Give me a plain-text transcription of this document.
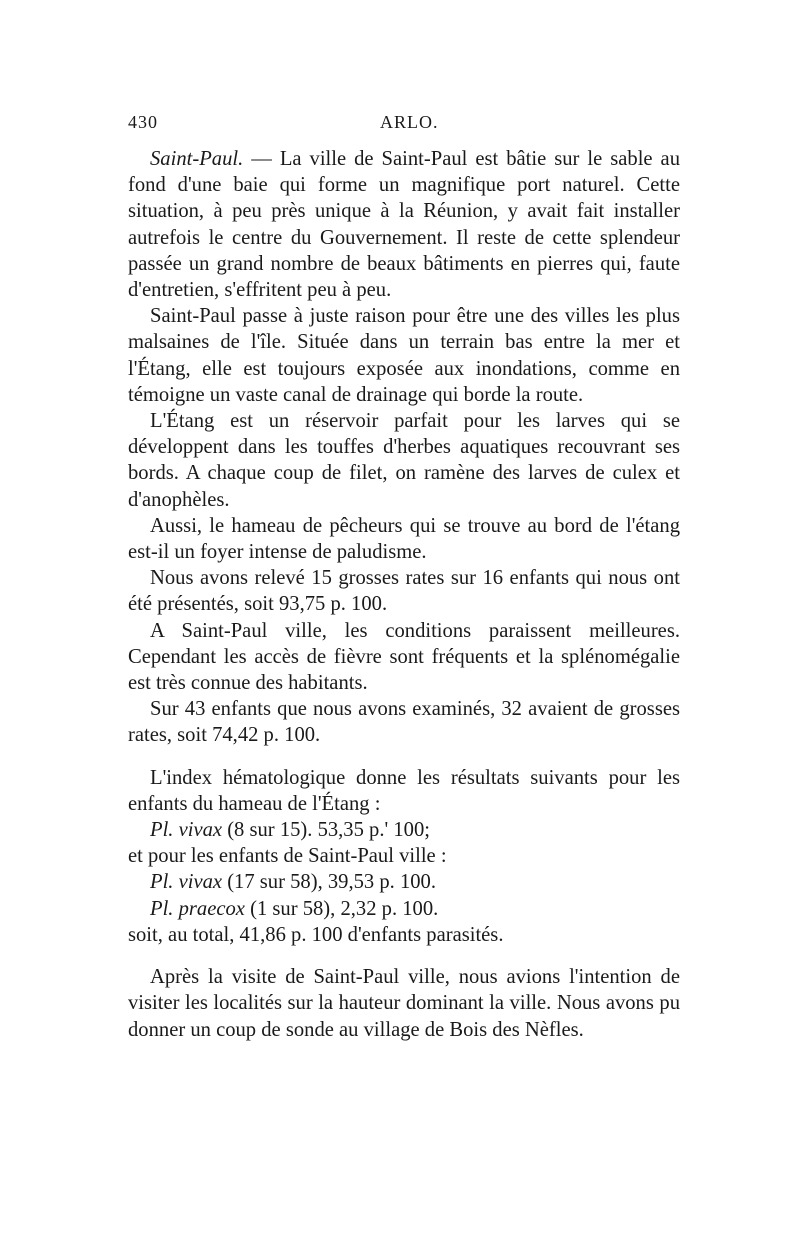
430	ARLO.

Saint-Paul. — La ville de Saint-Paul est bâtie sur le sable au fond d'une baie qui forme un magnifique port naturel. Cette situation, à peu près unique à la Réunion, y avait fait installer autrefois le centre du Gouvernement. Il reste de cette splendeur passée un grand nombre de beaux bâtiments en pierres qui, faute d'entretien, s'effritent peu à peu.

Saint-Paul passe à juste raison pour être une des villes les plus malsaines de l'île. Située dans un terrain bas entre la mer et l'Étang, elle est toujours exposée aux inondations, comme en témoigne un vaste canal de drainage qui borde la route.

L'Étang est un réservoir parfait pour les larves qui se développent dans les touffes d'herbes aquatiques recouvrant ses bords. A chaque coup de filet, on ramène des larves de culex et d'anophèles.

Aussi, le hameau de pêcheurs qui se trouve au bord de l'étang est-il un foyer intense de paludisme.

Nous avons relevé 15 grosses rates sur 16 enfants qui nous ont été présentés, soit 93,75 p. 100.

A Saint-Paul ville, les conditions paraissent meilleures. Cependant les accès de fièvre sont fréquents et la splénomégalie est très connue des habitants.

Sur 43 enfants que nous avons examinés, 32 avaient de grosses rates, soit 74,42 p. 100.

L'index hématologique donne les résultats suivants pour les enfants du hameau de l'Étang :

Pl. vivax (8 sur 15). 53,35 p.' 100;

et pour les enfants de Saint-Paul ville :

Pl. vivax (17 sur 58), 39,53 p. 100.

Pl. praecox (1 sur 58), 2,32 p. 100.

soit, au total, 41,86 p. 100 d'enfants parasités.

Après la visite de Saint-Paul ville, nous avions l'intention de visiter les localités sur la hauteur dominant la ville. Nous avons pu donner un coup de sonde au village de Bois des Nèfles.
